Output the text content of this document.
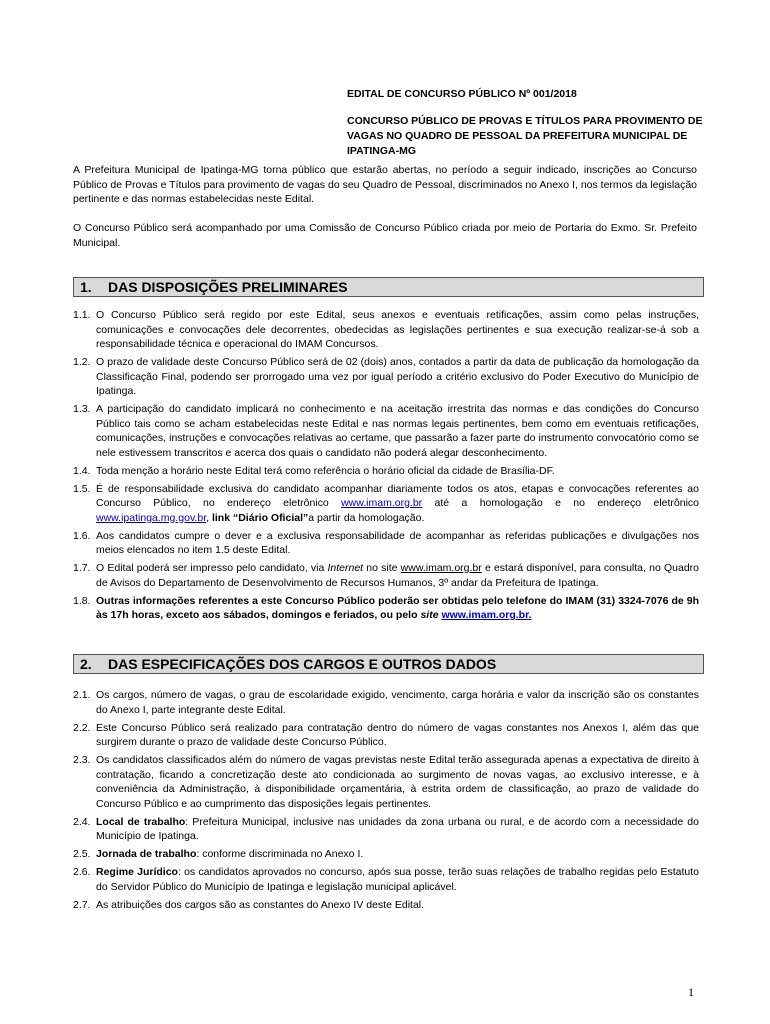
EDITAL DE CONCURSO PÚBLICO Nº 001/2018
CONCURSO PÚBLICO DE PROVAS E TÍTULOS PARA PROVIMENTO DE VAGAS NO QUADRO DE PESSOAL DA PREFEITURA MUNICIPAL DE IPATINGA-MG
A Prefeitura Municipal de Ipatinga-MG torna público que estarão abertas, no período a seguir indicado, inscrições ao Concurso Público de Provas e Títulos para provimento de vagas do seu Quadro de Pessoal, discriminados no Anexo I, nos termos da legislação pertinente e das normas estabelecidas neste Edital.
O Concurso Público será acompanhado por uma Comissão de Concurso Público criada por meio de Portaria do Exmo. Sr. Prefeito Municipal.
1. DAS DISPOSIÇÕES PRELIMINARES
1.1. O Concurso Público será regido por este Edital, seus anexos e eventuais retificações, assim como pelas instruções, comunicações e convocações dele decorrentes, obedecidas as legislações pertinentes e sua execução realizar-se-á sob a responsabilidade técnica e operacional do IMAM Concursos.
1.2. O prazo de validade deste Concurso Público será de 02 (dois) anos, contados a partir da data de publicação da homologação da Classificação Final, podendo ser prorrogado uma vez por igual período a critério exclusivo do Poder Executivo do Município de Ipatinga.
1.3. A participação do candidato implicará no conhecimento e na aceitação irrestrita das normas e das condições do Concurso Público tais como se acham estabelecidas neste Edital e nas normas legais pertinentes, bem como em eventuais retificações, comunicações, instruções e convocações relativas ao certame, que passarão a fazer parte do instrumento convocatório como se nele estivessem transcritos e acerca dos quais o candidato não poderá alegar desconhecimento.
1.4. Toda menção a horário neste Edital terá como referência o horário oficial da cidade de Brasília-DF.
1.5. É de responsabilidade exclusiva do candidato acompanhar diariamente todos os atos, etapas e convocações referentes ao Concurso Público, no endereço eletrônico www.imam.org.br até a homologação e no endereço eletrônico www.ipatinga.mg.gov.br, link “Diário Oficial”a partir da homologação.
1.6. Aos candidatos cumpre o dever e a exclusiva responsabilidade de acompanhar as referidas publicações e divulgações nos meios elencados no item 1.5 deste Edital.
1.7. O Edital poderá ser impresso pelo candidato, via Internet no site www.imam.org.br e estará disponível, para consulta, no Quadro de Avisos do Departamento de Desenvolvimento de Recursos Humanos, 3º andar da Prefeitura de Ipatinga.
1.8. Outras informações referentes a este Concurso Público poderão ser obtidas pelo telefone do IMAM (31) 3324-7076 de 9h às 17h horas, exceto aos sábados, domingos e feriados, ou pelo site www.imam.org.br.
2. DAS ESPECIFICAÇÕES DOS CARGOS E OUTROS DADOS
2.1. Os cargos, número de vagas, o grau de escolaridade exigido, vencimento, carga horária e valor da inscrição são os constantes do Anexo I, parte integrante deste Edital.
2.2. Este Concurso Público será realizado para contratação dentro do número de vagas constantes nos Anexos I, além das que surgirem durante o prazo de validade deste Concurso Público.
2.3. Os candidatos classificados além do número de vagas previstas neste Edital terão assegurada apenas a expectativa de direito à contratação, ficando a concretização deste ato condicionada ao surgimento de novas vagas, ao exclusivo interesse, e à conveniência da Administração, à disponibilidade orçamentária, à estrita ordem de classificação, ao prazo de validade do Concurso Público e ao cumprimento das disposições legais pertinentes.
2.4. Local de trabalho: Prefeitura Municipal, inclusive nas unidades da zona urbana ou rural, e de acordo com a necessidade do Município de Ipatinga.
2.5. Jornada de trabalho: conforme discriminada no Anexo I.
2.6. Regime Jurídico: os candidatos aprovados no concurso, após sua posse, terão suas relações de trabalho regidas pelo Estatuto do Servidor Público do Município de Ipatinga e legislação municipal aplicável.
2.7. As atribuições dos cargos são as constantes do Anexo IV deste Edital.
1
